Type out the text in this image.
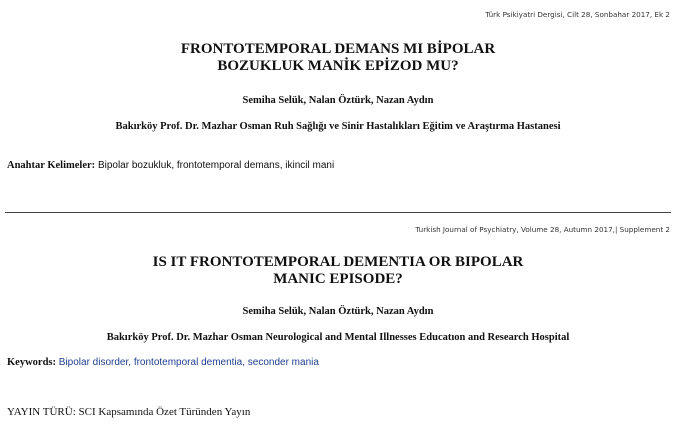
Türk Psikiyatri Dergisi, Cilt 28, Sonbahar 2017, Ek 2
FRONTOTEMPORAL DEMANS MI BİPOLAR
BOZUKLUK MANİK EPİZOD MU?
Semiha Selük, Nalan Öztürk, Nazan Aydın
Bakırköy Prof. Dr. Mazhar Osman Ruh Sağlığı ve Sinir Hastalıkları Eğitim ve Araştırma Hastanesi
Anahtar Kelimeler: Bipolar bozukluk, frontotemporal demans, ikincil mani
Turkish Journal of Psychiatry, Volume 28, Autumn 2017,| Supplement 2
IS IT FRONTOTEMPORAL DEMENTIA OR BIPOLAR
MANIC EPISODE?
Semiha Selük, Nalan Öztürk, Nazan Aydın
Bakırköy Prof. Dr. Mazhar Osman Neurological and Mental Illnesses Educatıon and Research Hospital
Keywords: Bipolar disorder, frontotemporal dementia, seconder mania
YAYIN TÜRÜ: SCI Kapsamında Özet Türünden Yayın
